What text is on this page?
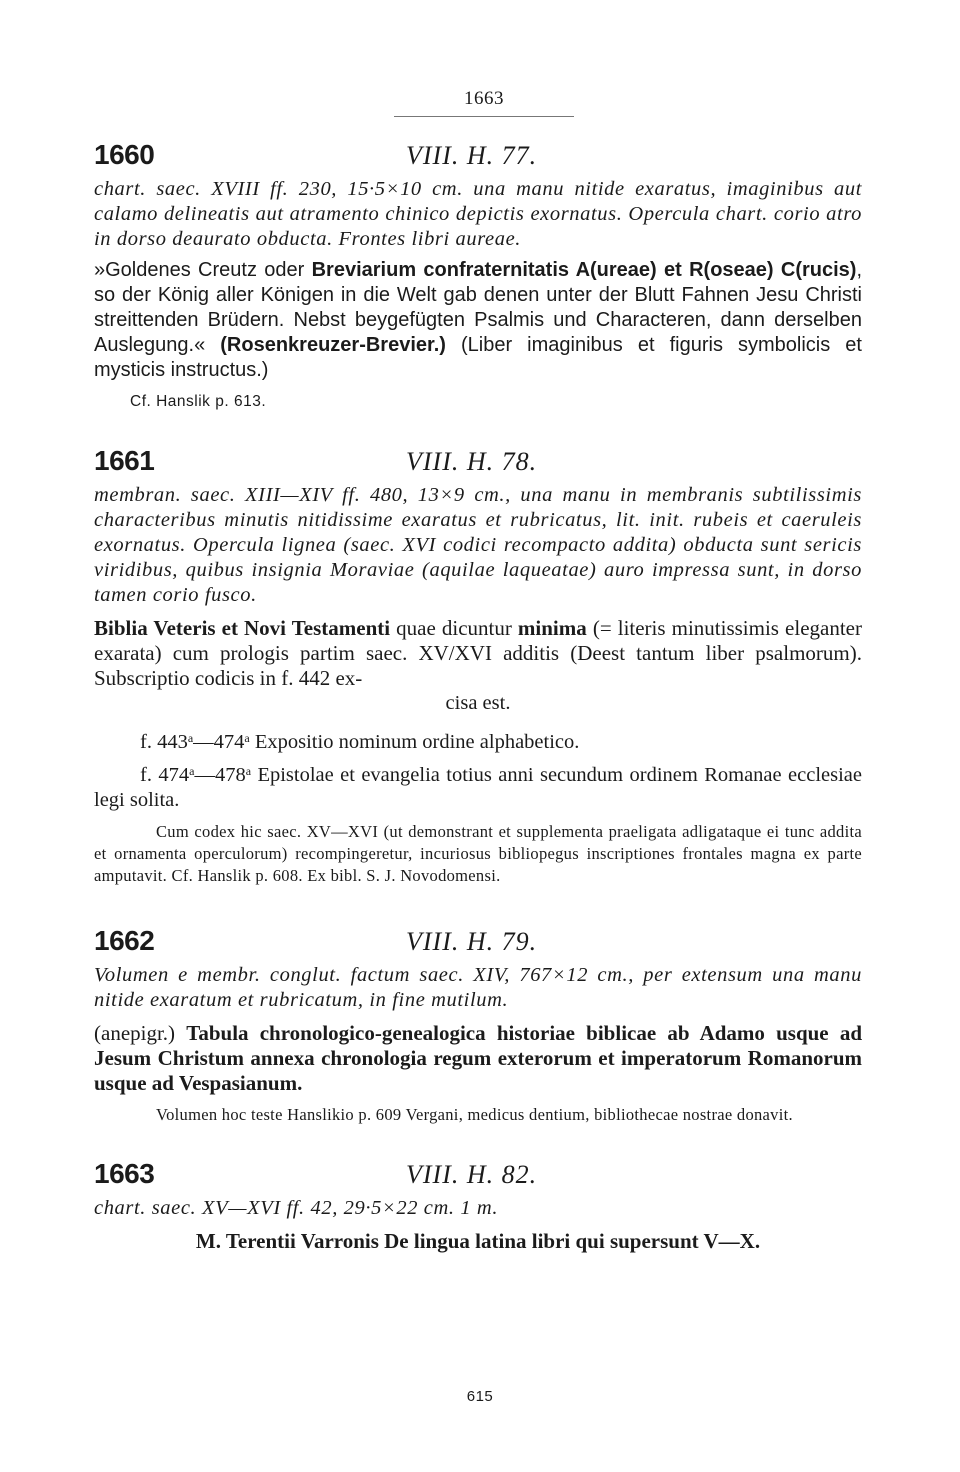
1663
1660	VIII. H. 77.

chart. saec. XVIII ff. 230, 15·5×10 cm. una manu nitide exaratus, imaginibus aut calamo delineatis aut atramento chinico depictis exornatus. Opercula chart. corio atro in dorso deaurato obducta. Frontes libri aureae.

»Goldenes Creutz oder Breviarium confraternitatis A(ureae) et R(oseae) C(rucis), so der König aller Königen in die Welt gab denen unter der Blutt Fahnen Jesu Christi streittenden Brüdern. Nebst beygefügten Psalmis und Characteren, dann derselben Auslegung.« (Rosenkreuzer-Brevier.) (Liber imaginibus et figuris symbolicis et mysticis instructus.)

Cf. Hanslik p. 613.
1661	VIII. H. 78.

membran. saec. XIII—XIV ff. 480, 13×9 cm., una manu in membranis subtilissimis characteribus minutis nitidissime exaratus et rubricatus, lit. init. rubeis et caeruleis exornatus. Opercula lignea (saec. XVI codici recompacto addita) obducta sunt sericis viridibus, quibus insignia Moraviae (aquilae laqueatae) auro impressa sunt, in dorso tamen corio fusco.

Biblia Veteris et Novi Testamenti quae dicuntur minima (= literis minutissimis eleganter exarata) cum prologis partim saec. XV/XVI additis (Deest tantum liber psalmorum). Subscriptio codicis in f. 442 ex-

cisa est.

f. 443$^a$—474$^a$ Expositio nominum ordine alphabetico.

f. 474$^a$—478$^a$ Epistolae et evangelia totius anni secundum ordinem Romanae ecclesiae legi solita.

Cum codex hic saec. XV—XVI (ut demonstrant et supplementa praeligata adligataque ei tunc addita et ornamenta operculorum) recompingeretur, incuriosus bibliopegus inscriptiones frontales magna ex parte amputavit. Cf. Hanslik p. 608. Ex bibl. S. J. Novodomensi.

1662	VIII. H. 79.

Volumen e membr. conglut. factum saec. XIV, 767×12 cm., per extensum una manu nitide exaratum et rubricatum, in fine mutilum.

(anepigr.) Tabula chronologico-genealogica historiae biblicae ab Adamo usque ad Jesum Christum annexa chronologia regum exterorum et imperatorum Romanorum usque ad Vespasianum.

Volumen hoc teste Hanslikio p. 609 Vergani, medicus dentium, bibliothecae nostrae donavit.

1663	VIII. H. 82.

chart. saec. XV—XVI ff. 42, 29·5×22 cm. 1 m.

M. Terentii Varronis De lingua latina libri qui supersunt V—X.

615
